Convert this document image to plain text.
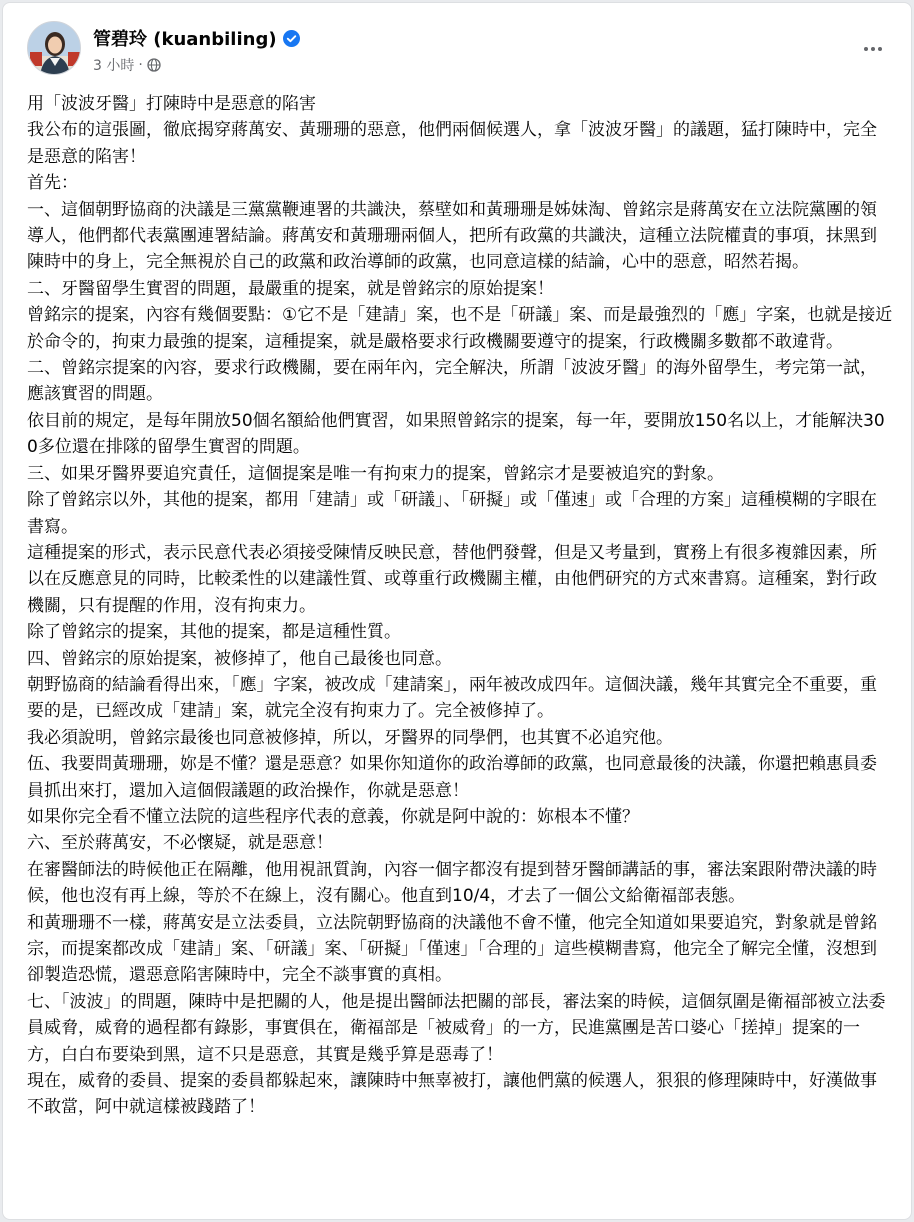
管碧玲 (kuanbiling)
3 小時 ·

用「波波牙醫」打陳時中是惡意的陷害

我公布的這張圖，徹底揭穿蔣萬安、黃珊珊的惡意，他們兩個候選人，拿「波波牙醫」的議題，猛打陳時中，完全是惡意的陷害！

首先：

一、這個朝野協商的決議是三黨黨鞭連署的共識決，蔡壁如和黃珊珊是姊妹淘、曾銘宗是蔣萬安在立法院黨團的領導人，他們都代表黨團連署結論。蔣萬安和黃珊珊兩個人，把所有政黨的共識決，這種立法院權責的事項，抹黑到陳時中的身上，完全無視於自己的政黨和政治導師的政黨，也同意這樣的結論，心中的惡意，昭然若揭。

二、牙醫留學生實習的問題，最嚴重的提案，就是曾銘宗的原始提案！

曾銘宗的提案，內容有幾個要點：①它不是「建請」案，也不是「研議」案、而是最強烈的「應」字案，也就是接近於命令的，拘束力最強的提案，這種提案，就是嚴格要求行政機關要遵守的提案，行政機關多數都不敢違背。

二、曾銘宗提案的內容，要求行政機關，要在兩年內，完全解決，所謂「波波牙醫」的海外留學生，考完第一試，應該實習的問題。

依目前的規定，是每年開放50個名額給他們實習，如果照曾銘宗的提案，每一年，要開放150名以上，才能解決300多位還在排隊的留學生實習的問題。

三、如果牙醫界要追究責任，這個提案是唯一有拘束力的提案，曾銘宗才是要被追究的對象。

除了曾銘宗以外，其他的提案，都用「建請」或「研議」、「研擬」或「僅速」或「合理的方案」這種模糊的字眼在書寫。

這種提案的形式，表示民意代表必須接受陳情反映民意，替他們發聲，但是又考量到，實務上有很多複雜因素，所以在反應意見的同時，比較柔性的以建議性質、或尊重行政機關主權，由他們研究的方式來書寫。這種案，對行政機關，只有提醒的作用，沒有拘束力。

除了曾銘宗的提案，其他的提案，都是這種性質。

四、曾銘宗的原始提案，被修掉了，他自己最後也同意。

朝野協商的結論看得出來，「應」字案，被改成「建請案」，兩年被改成四年。這個決議，幾年其實完全不重要，重要的是，已經改成「建請」案，就完全沒有拘束力了。完全被修掉了。

我必須說明，曾銘宗最後也同意被修掉，所以，牙醫界的同學們，也其實不必追究他。

伍、我要問黃珊珊，妳是不懂？還是惡意？如果你知道你的政治導師的政黨，也同意最後的決議，你還把賴惠員委員抓出來打，還加入這個假議題的政治操作，你就是惡意！

如果你完全看不懂立法院的這些程序代表的意義，你就是阿中說的：妳根本不懂？

六、至於蔣萬安，不必懷疑，就是惡意！

在審醫師法的時候他正在隔離，他用視訊質詢，內容一個字都沒有提到替牙醫師講話的事，審法案跟附帶決議的時候，他也沒有再上線，等於不在線上，沒有關心。他直到10/4，才去了一個公文給衛福部表態。

和黃珊珊不一樣，蔣萬安是立法委員，立法院朝野協商的決議他不會不懂，他完全知道如果要追究，對象就是曾銘宗，而提案都改成「建請」案、「研議」案、「研擬」「僅速」「合理的」這些模糊書寫，他完全了解完全懂，沒想到卻製造恐慌，還惡意陷害陳時中，完全不談事實的真相。

七、「波波」的問題，陳時中是把關的人，他是提出醫師法把關的部長，審法案的時候，這個氛圍是衛福部被立法委員威脅，威脅的過程都有錄影，事實俱在，衛福部是「被威脅」的一方，民進黨團是苦口婆心「搓掉」提案的一方，白白布要染到黑，這不只是惡意，其實是幾乎算是惡毒了！

現在，威脅的委員、提案的委員都躲起來，讓陳時中無辜被打，讓他們黨的候選人，狠狠的修理陳時中，好漢做事不敢當，阿中就這樣被踐踏了！
